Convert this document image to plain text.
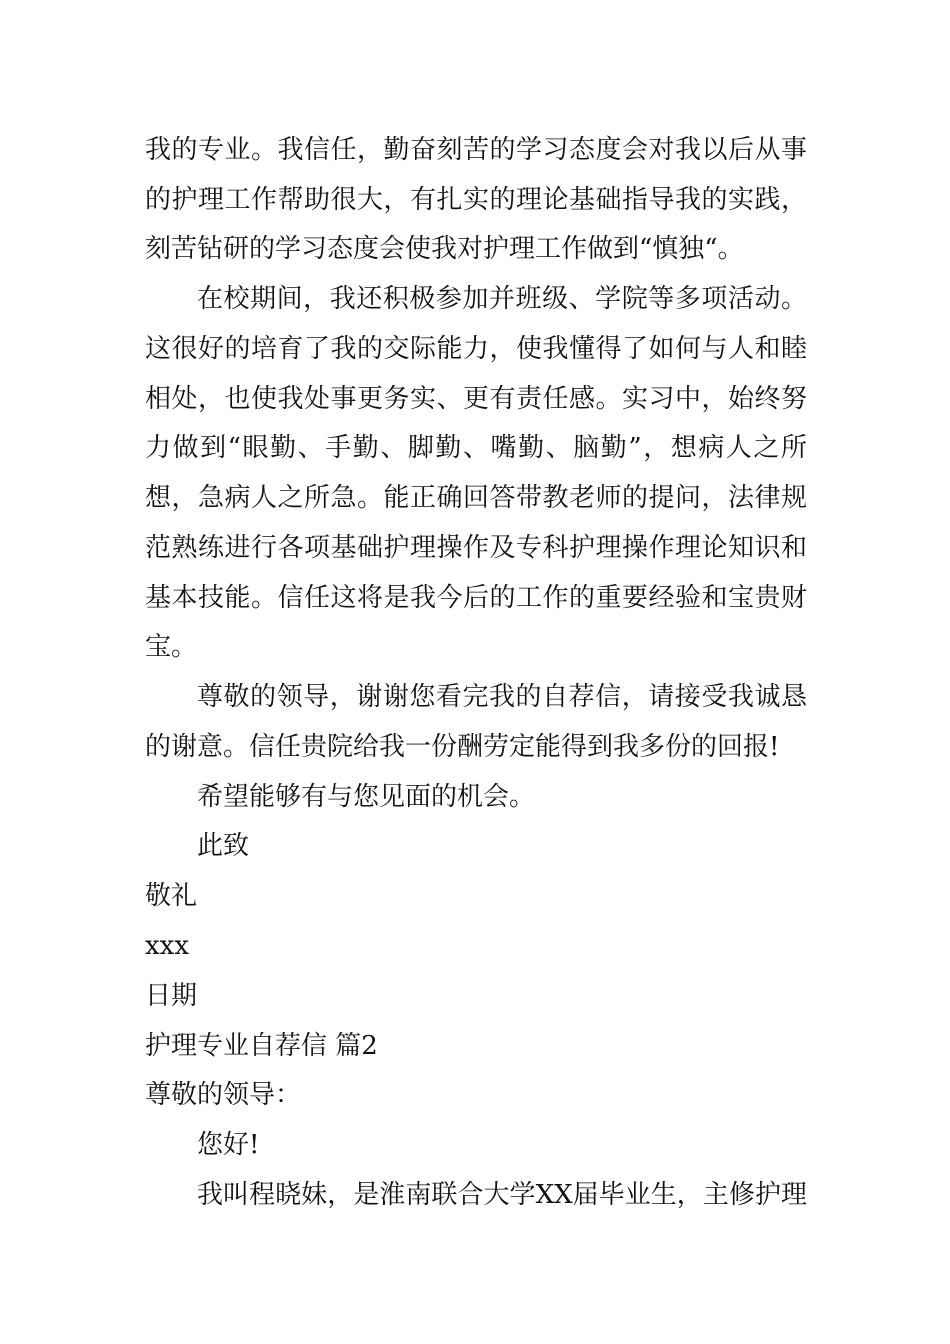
我的专业。我信任，勤奋刻苦的学习态度会对我以后从事
的护理工作帮助很大，有扎实的理论基础指导我的实践，
刻苦钻研的学习态度会使我对护理工作做到“慎独“。
在校期间，我还积极参加并班级、学院等多项活动。
这很好的培育了我的交际能力，使我懂得了如何与人和睦
相处，也使我处事更务实、更有责任感。实习中，始终努
力做到“眼勤、手勤、脚勤、嘴勤、脑勤”，想病人之所
想，急病人之所急。能正确回答带教老师的提问，法律规
范熟练进行各项基础护理操作及专科护理操作理论知识和
基本技能。信任这将是我今后的工作的重要经验和宝贵财
宝。
尊敬的领导，谢谢您看完我的自荐信，请接受我诚恳
的谢意。信任贵院给我一份酬劳定能得到我多份的回报!
希望能够有与您见面的机会。
此致
敬礼
xxx
日期
护理专业自荐信 篇2
尊敬的领导：
您好!
我叫程晓妹，是淮南联合大学XX届毕业生，主修护理
